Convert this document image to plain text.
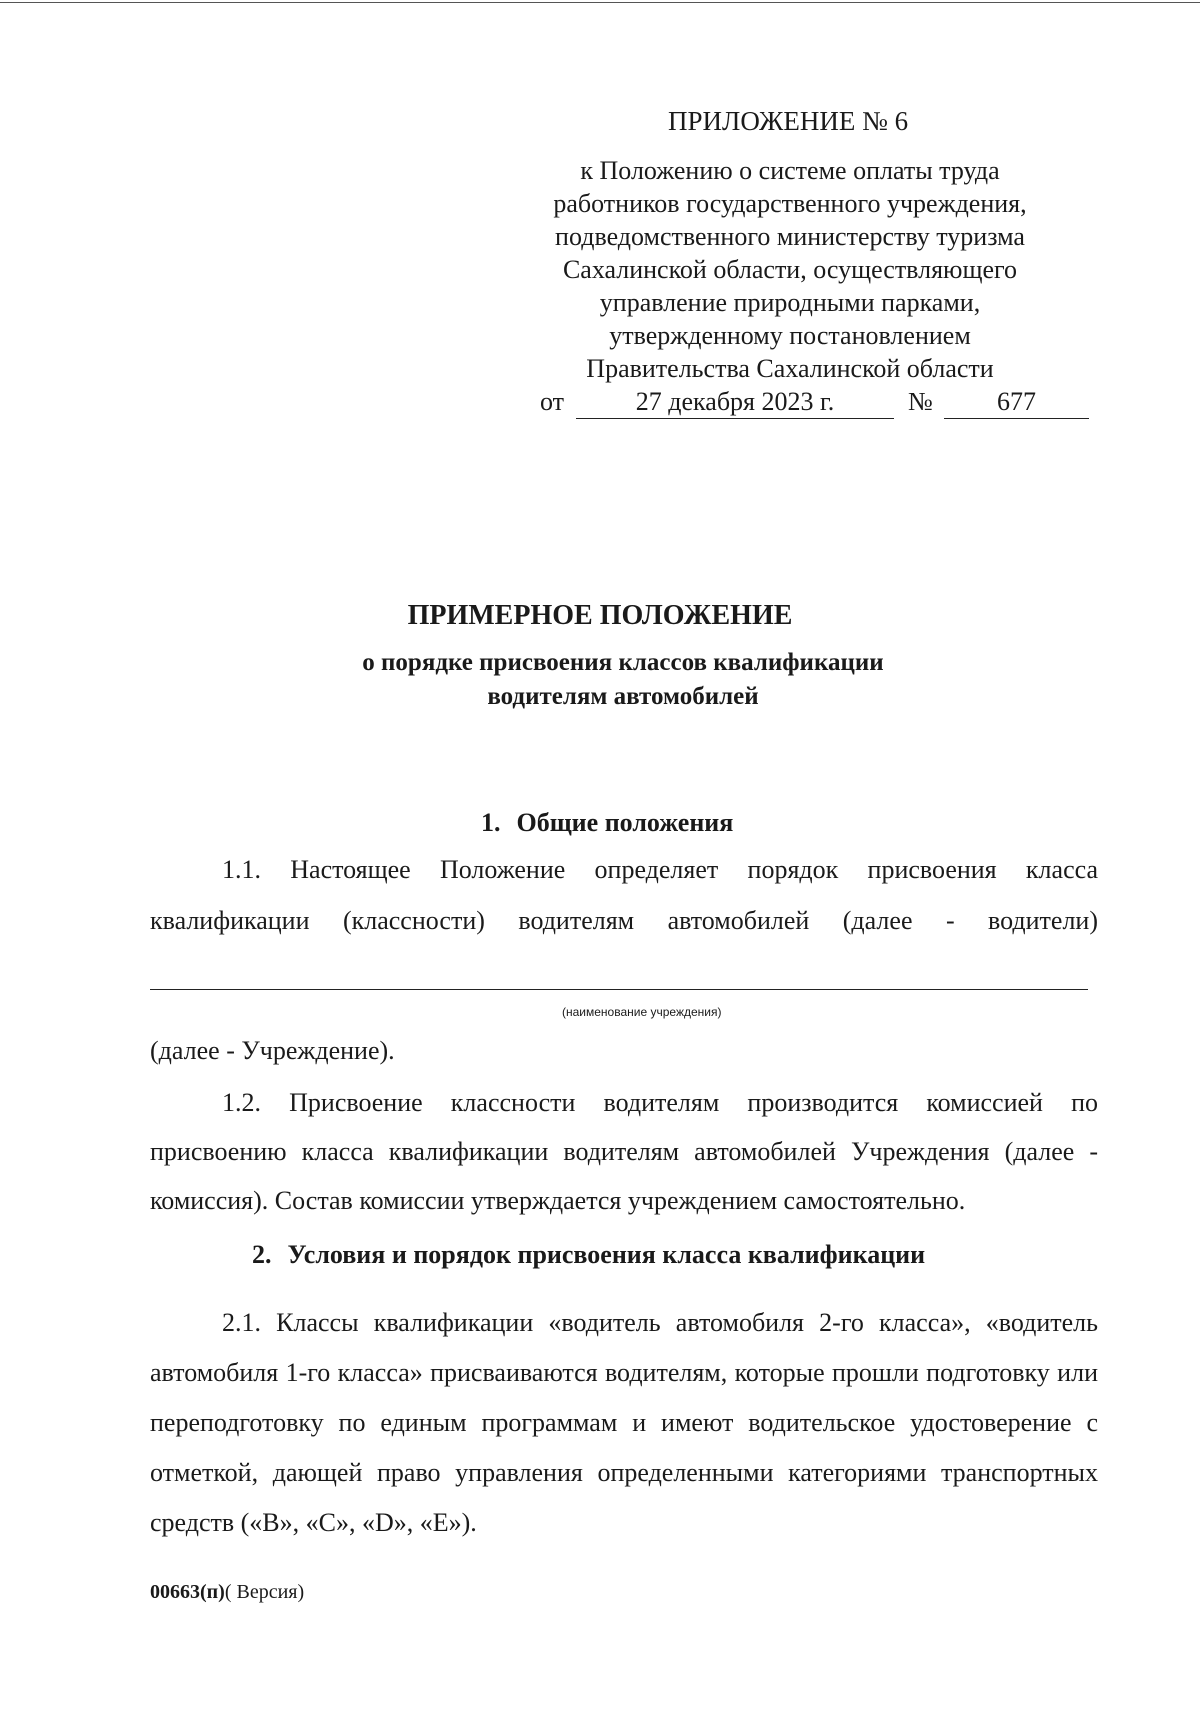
ПРИЛОЖЕНИЕ № 6
к Положению о системе оплаты труда
работников государственного учреждения,
подведомственного министерству туризма
Сахалинской области, осуществляющего
управление природными парками,
утвержденному постановлением
Правительства Сахалинской области
от	27 декабря 2023 г.	№	677
ПРИМЕРНОЕ ПОЛОЖЕНИЕ
о порядке присвоения классов квалификации
водителям автомобилей
1. Общие положения
1.1. Настоящее Положение определяет порядок присвоения класса
квалификации (классности) водителям автомобилей (далее - водители)
(наименование учреждения)
(далее - Учреждение).
1.2. Присвоение классности водителям производится комиссией по присвоению класса квалификации водителям автомобилей Учреждения (далее - комиссия). Состав комиссии утверждается учреждением самостоятельно.
2. Условия и порядок присвоения класса квалификации
2.1. Классы квалификации «водитель автомобиля 2-го класса», «водитель автомобиля 1-го класса» присваиваются водителям, которые прошли подготовку или переподготовку по единым программам и имеют водительское удостоверение с отметкой, дающей право управления определенными категориями транспортных средств («В», «С», «D», «Е»).
00663(п)( Версия)
